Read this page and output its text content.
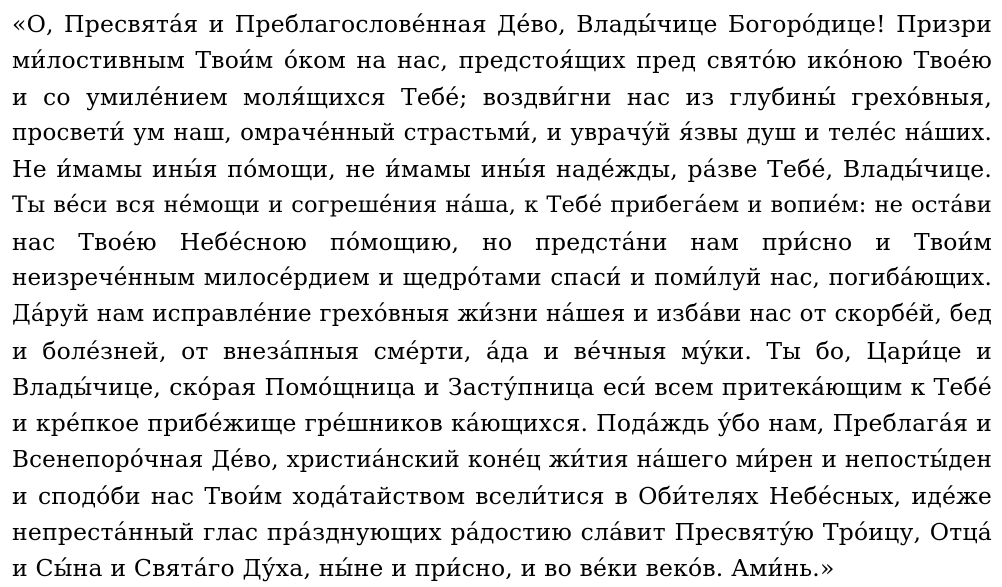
«О, Пресвята́я и Преблагослове́нная Де́во, Влады́чице Богоро́дице! Призри
ми́лостивным Твои́м о́ком на нас, предстоя́щих пред свято́ю ико́ною Твое́ю
и со умиле́нием моля́щихся Тебе́; воздви́гни нас из глубины́ грехо́вныя,
просвети́ ум наш, омраче́нный страстьми́, и уврачу́й я́звы душ и теле́с на́ших.
Не и́мамы ины́я по́мощи, не и́мамы ины́я наде́жды, ра́зве Тебе́, Влады́чице.
Ты ве́си вся не́мощи и согреше́ния на́ша, к Тебе́ прибега́ем и вопие́м: не оста́ви
нас Твое́ю Небе́сною по́мощию, но предста́ни нам при́сно и Твои́м
неизрече́нным милосе́рдием и щедро́тами спаси́ и поми́луй нас, погиба́ющих.
Да́руй нам исправле́ние грехо́вныя жи́зни на́шея и изба́ви нас от скорбе́й, бед
и боле́зней, от внеза́пныя сме́рти, а́да и ве́чныя му́ки. Ты бо, Цари́це и
Влады́чице, ско́рая Помо́щница и Засту́пница еси́ всем притека́ющим к Тебе́
и кре́пкое прибе́жище гре́шников ка́ющихся. Пода́ждь у́бо нам, Преблага́я и
Всенепоро́чная Де́во, христиа́нский коне́ц жи́тия на́шего ми́рен и непосты́ден
и сподо́би нас Твои́м хода́тайством всели́тися в Оби́телях Небе́сных, иде́же
непреста́нный глас пра́зднующих ра́достию сла́вит Пресвяту́ю Тро́ицу, Отца́
и Сы́на и Свята́го Ду́ха, ны́не и при́сно, и во ве́ки веко́в. Ами́нь.»
